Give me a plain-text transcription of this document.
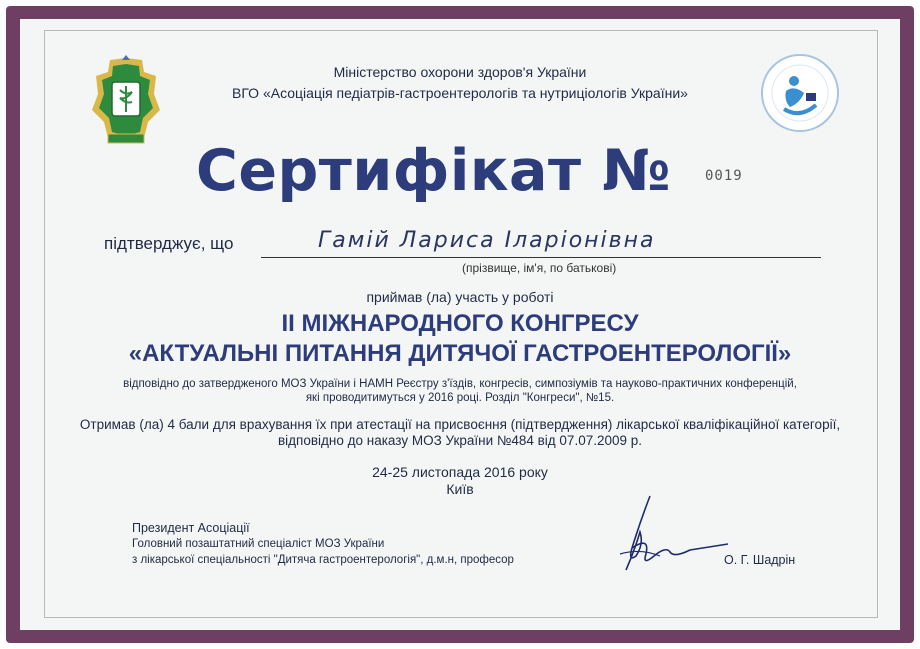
Міністерство охорони здоров'я України
ВГО «Асоціація педіатрів-гастроентерологів та нутриціологів України»
Сертифікат № 0019
підтверджує, що	Гамій Лариса Іларіонівна
(прізвище, ім'я, по батькові)
приймав (ла) участь у роботі
ІІ МІЖНАРОДНОГО КОНГРЕСУ
«АКТУАЛЬНІ ПИТАННЯ ДИТЯЧОЇ ГАСТРОЕНТЕРОЛОГІЇ»
відповідно до затвердженого МОЗ України і НАМН Реєстру з'їздів, конгресів, симпозіумів та науково-практичних конференцій,
які проводитимуться у 2016 році. Розділ "Конгреси", №15.
Отримав (ла) 4 бали для врахування їх при атестації на присвоєння (підтвердження) лікарської кваліфікаційної категорії,
відповідно до наказу МОЗ України №484 від 07.07.2009 р.
24-25 листопада 2016 року
Київ
Президент Асоціації
Головний позаштатний спеціаліст МОЗ України
з лікарської спеціальності "Дитяча гастроентерологія", д.м.н, професор	О. Г. Шадрін
